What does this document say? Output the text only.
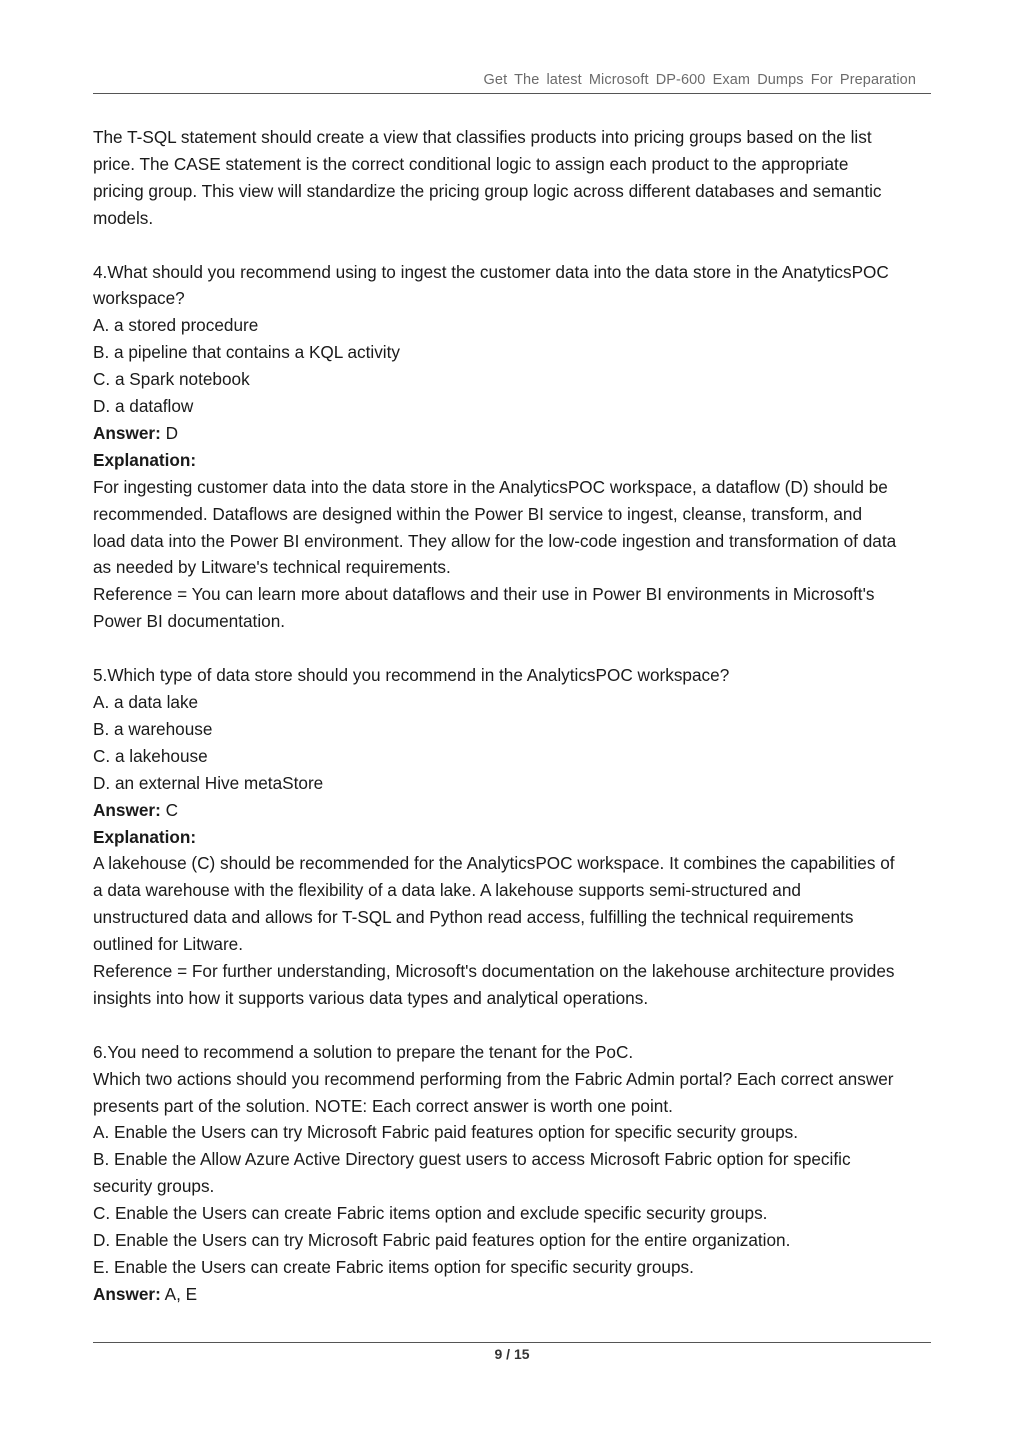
Get The latest Microsoft DP-600 Exam Dumps For Preparation

The T-SQL statement should create a view that classifies products into pricing groups based on the list

price. The CASE statement is the correct conditional logic to assign each product to the appropriate

pricing group. This view will standardize the pricing group logic across different databases and semantic

models.

4.What should you recommend using to ingest the customer data into the data store in the AnatyticsPOC

workspace?

A. a stored procedure

B. a pipeline that contains a KQL activity

C. a Spark notebook

D. a dataflow

Answer: D

Explanation:

For ingesting customer data into the data store in the AnalyticsPOC workspace, a dataflow (D) should be

recommended. Dataflows are designed within the Power BI service to ingest, cleanse, transform, and

load data into the Power BI environment. They allow for the low-code ingestion and transformation of data

as needed by Litware's technical requirements.

Reference = You can learn more about dataflows and their use in Power BI environments in Microsoft's

Power BI documentation.

5.Which type of data store should you recommend in the AnalyticsPOC workspace?

A. a data lake

B. a warehouse

C. a lakehouse

D. an external Hive metaStore

Answer: C

Explanation:

A lakehouse (C) should be recommended for the AnalyticsPOC workspace. It combines the capabilities of

a data warehouse with the flexibility of a data lake. A lakehouse supports semi-structured and

unstructured data and allows for T-SQL and Python read access, fulfilling the technical requirements

outlined for Litware.

Reference = For further understanding, Microsoft's documentation on the lakehouse architecture provides

insights into how it supports various data types and analytical operations.

6.You need to recommend a solution to prepare the tenant for the PoC.

Which two actions should you recommend performing from the Fabric Admin portal? Each correct answer

presents part of the solution. NOTE: Each correct answer is worth one point.

A. Enable the Users can try Microsoft Fabric paid features option for specific security groups.

B. Enable the Allow Azure Active Directory guest users to access Microsoft Fabric option for specific

security groups.

C. Enable the Users can create Fabric items option and exclude specific security groups.

D. Enable the Users can try Microsoft Fabric paid features option for the entire organization.

E. Enable the Users can create Fabric items option for specific security groups.

Answer: A, E

9 / 15
